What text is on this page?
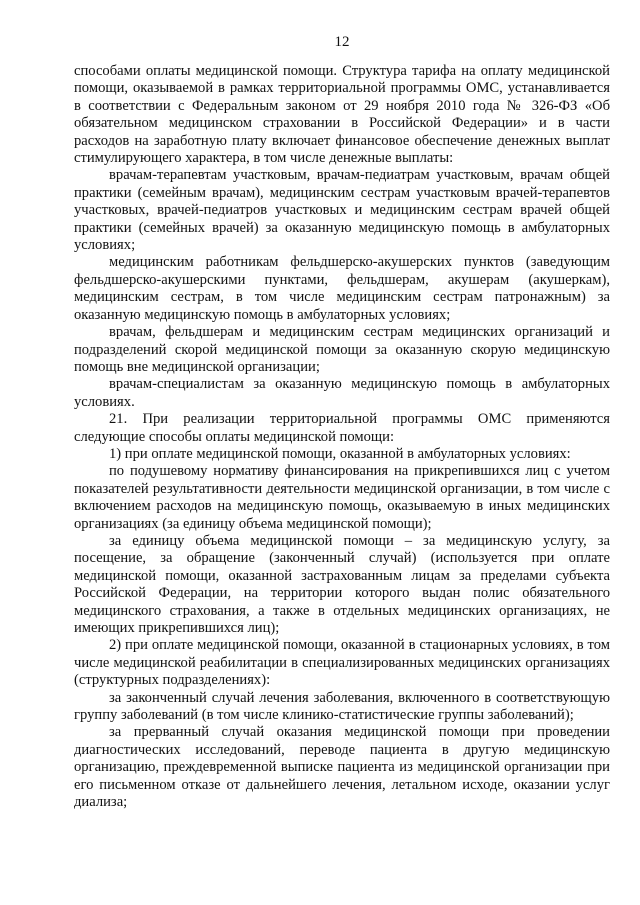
12

способами оплаты медицинской помощи. Структура тарифа на оплату медицинской помощи, оказываемой в рамках территориальной программы ОМС, устанавливается в соответствии с Федеральным законом от 29 ноября 2010 года № 326-ФЗ «Об обязательном медицинском страховании в Российской Федерации» и в части расходов на заработную плату включает финансовое обеспечение денежных выплат стимулирующего характера, в том числе денежные выплаты:

врачам-терапевтам участковым, врачам-педиатрам участковым, врачам общей практики (семейным врачам), медицинским сестрам участковым врачей-терапевтов участковых, врачей-педиатров участковых и медицинским сестрам врачей общей практики (семейных врачей) за оказанную медицинскую помощь в амбулаторных условиях;

медицинским работникам фельдшерско-акушерских пунктов (заведующим фельдшерско-акушерскими пунктами, фельдшерам, акушерам (акушеркам), медицинским сестрам, в том числе медицинским сестрам патронажным) за оказанную медицинскую помощь в амбулаторных условиях;

врачам, фельдшерам и медицинским сестрам медицинских организаций и подразделений скорой медицинской помощи за оказанную скорую медицинскую помощь вне медицинской организации;

врачам-специалистам за оказанную медицинскую помощь в амбулаторных условиях.

21. При реализации территориальной программы ОМС применяются следующие способы оплаты медицинской помощи:

1) при оплате медицинской помощи, оказанной в амбулаторных условиях:

по подушевому нормативу финансирования на прикрепившихся лиц с учетом показателей результативности деятельности медицинской организации, в том числе с включением расходов на медицинскую помощь, оказываемую в иных медицинских организациях (за единицу объема медицинской помощи);

за единицу объема медицинской помощи – за медицинскую услугу, за посещение, за обращение (законченный случай) (используется при оплате медицинской помощи, оказанной застрахованным лицам за пределами субъекта Российской Федерации, на территории которого выдан полис обязательного медицинского страхования, а также в отдельных медицинских организациях, не имеющих прикрепившихся лиц);

2) при оплате медицинской помощи, оказанной в стационарных условиях, в том числе медицинской реабилитации в специализированных медицинских организациях (структурных подразделениях):

за законченный случай лечения заболевания, включенного в соответствующую группу заболеваний (в том числе клинико-статистические группы заболеваний);

за прерванный случай оказания медицинской помощи при проведении диагностических исследований, переводе пациента в другую медицинскую организацию, преждевременной выписке пациента из медицинской организации при его письменном отказе от дальнейшего лечения, летальном исходе, оказании услуг диализа;
